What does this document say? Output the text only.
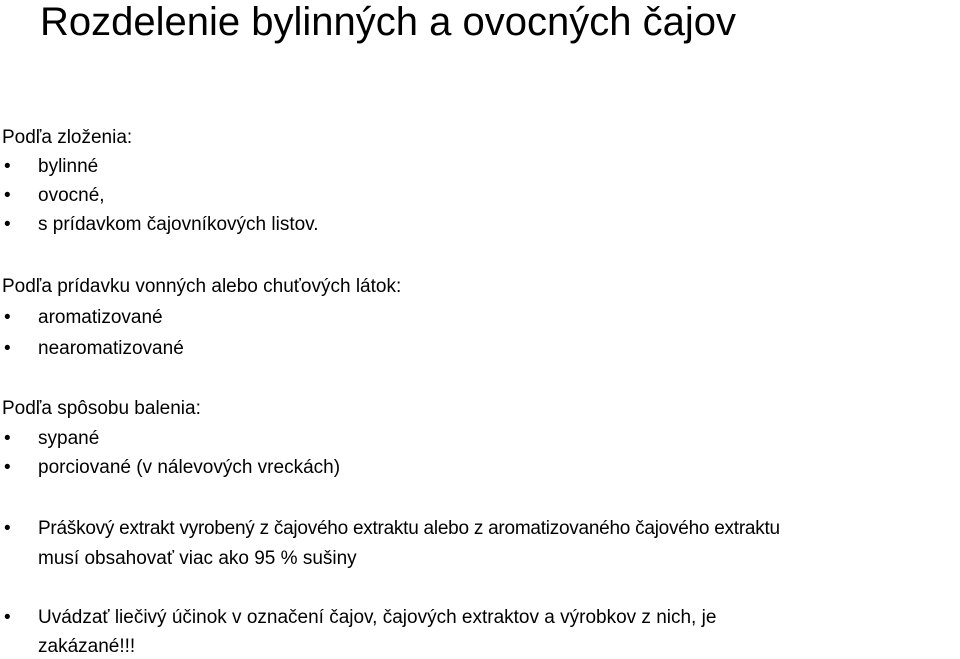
Rozdelenie bylinných a ovocných čajov
Podľa zloženia:
• bylinné
• ovocné,
• s prídavkom čajovníkových listov.
Podľa prídavku vonných alebo chuťových látok:
• aromatizované
• nearomatizované
Podľa spôsobu balenia:
• sypané
• porciované (v nálevových vreckách)
• Práškový extrakt vyrobený z čajového extraktu alebo z aromatizovaného čajového extraktu
musí obsahovať viac ako 95 % sušiny
• Uvádzať liečivý účinok v označení čajov, čajových extraktov a výrobkov z nich, je
zakázané!!!
